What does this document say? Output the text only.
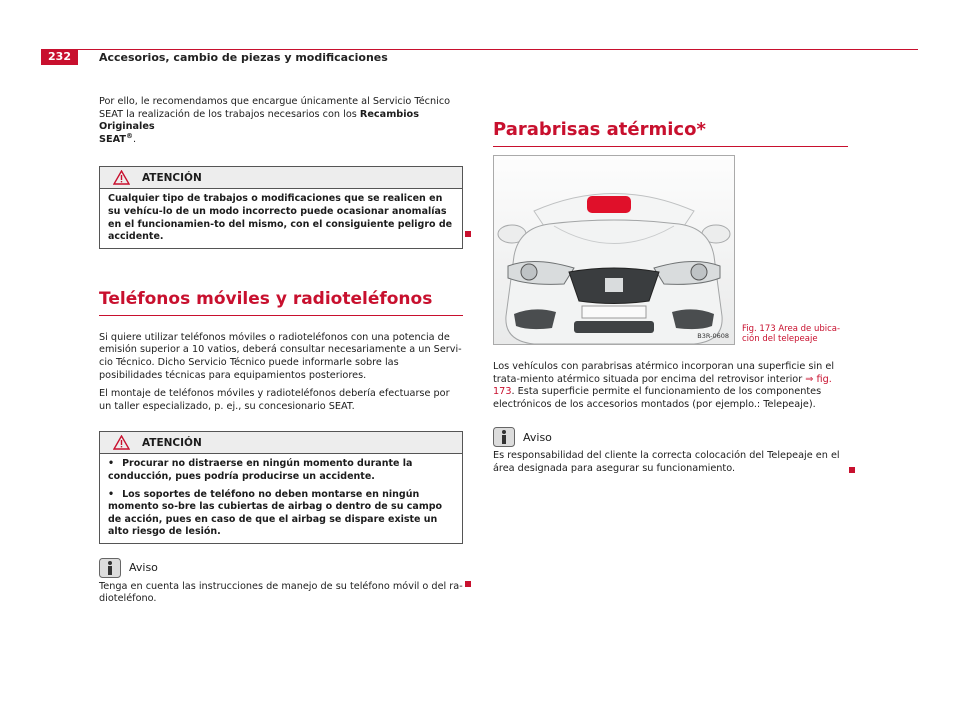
232	Accesorios, cambio de piezas y modificaciones

Por ello, le recomendamos que encargue únicamente al Servicio Técnico
SEAT la realización de los trabajos necesarios con los Recambios Originales
SEAT®.

ATENCIÓN

Cualquier tipo de trabajos o modificaciones que se realicen en su vehícu-lo de un modo incorrecto puede ocasionar anomalías en el funcionamien-to del mismo, con el consiguiente peligro de accidente.

Teléfonos móviles y radioteléfonos

Si quiere utilizar teléfonos móviles o radioteléfonos con una potencia de emisión superior a 10 vatios, deberá consultar necesariamente a un Servi-cio Técnico. Dicho Servicio Técnico puede informarle sobre las posibilidades técnicas para equipamientos posteriores.

El montaje de teléfonos móviles y radioteléfonos debería efectuarse por un taller especializado, p. ej., su concesionario SEAT.

ATENCIÓN

• Procurar no distraerse en ningún momento durante la conducción, pues podría producirse un accidente.

• Los soportes de teléfono no deben montarse en ningún momento so-bre las cubiertas de airbag o dentro de su campo de acción, pues en caso de que el airbag se dispare existe un alto riesgo de lesión.

Aviso

Tenga en cuenta las instrucciones de manejo de su teléfono móvil o del ra-dioteléfono.

Parabrisas atérmico*
B3R-0608
Fig. 173 Area de ubica-
ción del telepeaje

Los vehículos con parabrisas atérmico incorporan una superficie sin el trata-miento atérmico situada por encima del retrovisor interior ⇒ fig. 173. Esta superficie permite el funcionamiento de los componentes electrónicos de los accesorios montados (por ejemplo.: Telepeaje).

Aviso

Es responsabilidad del cliente la correcta colocación del Telepeaje en el área designada para asegurar su funcionamiento.
